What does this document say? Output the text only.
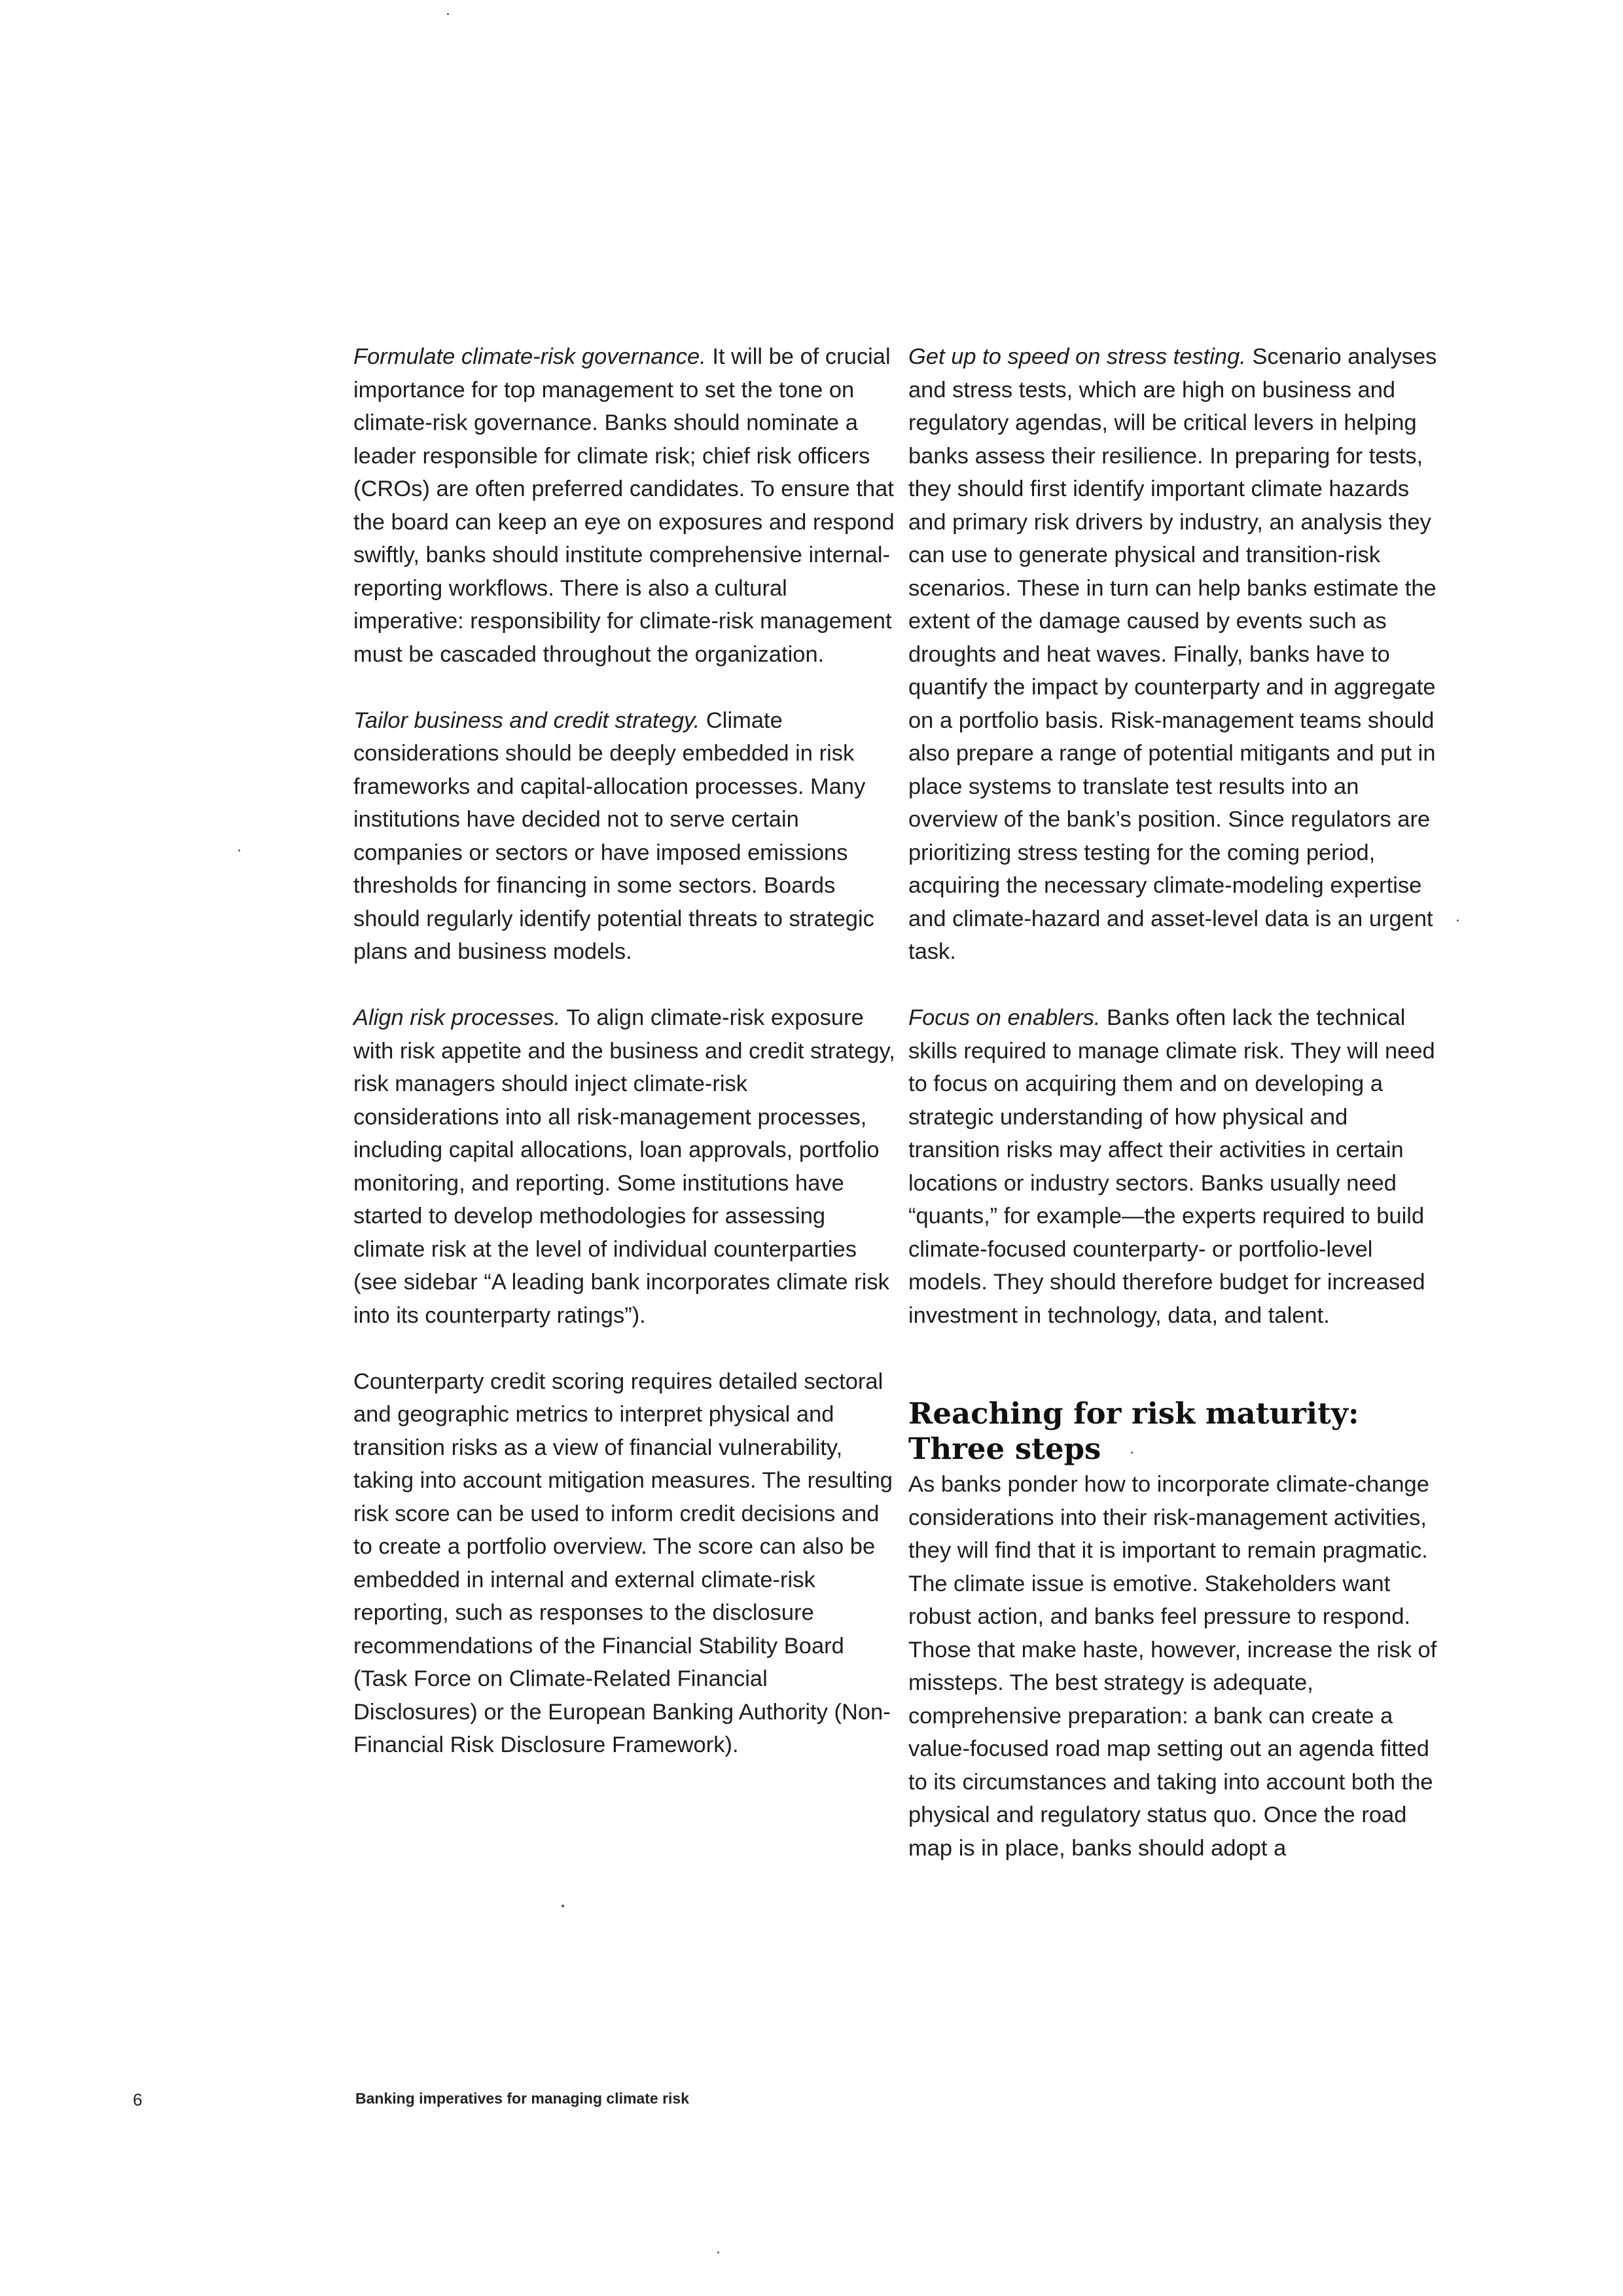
Formulate climate-risk governance. It will be of crucial importance for top management to set the tone on climate-risk governance. Banks should nominate a leader responsible for climate risk; chief risk officers (CROs) are often preferred candidates. To ensure that the board can keep an eye on exposures and respond swiftly, banks should institute comprehensive internal-reporting workflows. There is also a cultural imperative: responsibility for climate-risk management must be cascaded throughout the organization.

Tailor business and credit strategy. Climate considerations should be deeply embedded in risk frameworks and capital-allocation processes. Many institutions have decided not to serve certain companies or sectors or have imposed emissions thresholds for financing in some sectors. Boards should regularly identify potential threats to strategic plans and business models.

Align risk processes. To align climate-risk exposure with risk appetite and the business and credit strategy, risk managers should inject climate-risk considerations into all risk-management processes, including capital allocations, loan approvals, portfolio monitoring, and reporting. Some institutions have started to develop methodologies for assessing climate risk at the level of individual counterparties (see sidebar “A leading bank incorporates climate risk into its counterparty ratings”).

Counterparty credit scoring requires detailed sectoral and geographic metrics to interpret physical and transition risks as a view of financial vulnerability, taking into account mitigation measures. The resulting risk score can be used to inform credit decisions and to create a portfolio overview. The score can also be embedded in internal and external climate-risk reporting, such as responses to the disclosure recommendations of the Financial Stability Board (Task Force on Climate-Related Financial Disclosures) or the European Banking Authority (Non-Financial Risk Disclosure Framework).

Get up to speed on stress testing. Scenario analyses and stress tests, which are high on business and regulatory agendas, will be critical levers in helping banks assess their resilience. In preparing for tests, they should first identify important climate hazards and primary risk drivers by industry, an analysis they can use to generate physical and transition-risk scenarios. These in turn can help banks estimate the extent of the damage caused by events such as droughts and heat waves. Finally, banks have to quantify the impact by counterparty and in aggregate on a portfolio basis. Risk-management teams should also prepare a range of potential mitigants and put in place systems to translate test results into an overview of the bank’s position. Since regulators are prioritizing stress testing for the coming period, acquiring the necessary climate-modeling expertise and climate-hazard and asset-level data is an urgent task.

Focus on enablers. Banks often lack the technical skills required to manage climate risk. They will need to focus on acquiring them and on developing a strategic understanding of how physical and transition risks may affect their activities in certain locations or industry sectors. Banks usually need “quants,” for example—the experts required to build climate-focused counterparty- or portfolio-level models. They should therefore budget for increased investment in technology, data, and talent.

Reaching for risk maturity:
Three steps

As banks ponder how to incorporate climate-change considerations into their risk-management activities, they will find that it is important to remain pragmatic. The climate issue is emotive. Stakeholders want robust action, and banks feel pressure to respond. Those that make haste, however, increase the risk of missteps. The best strategy is adequate, comprehensive preparation: a bank can create a value-focused road map setting out an agenda fitted to its circumstances and taking into account both the physical and regulatory status quo. Once the road map is in place, banks should adopt a

6	Banking imperatives for managing climate risk
